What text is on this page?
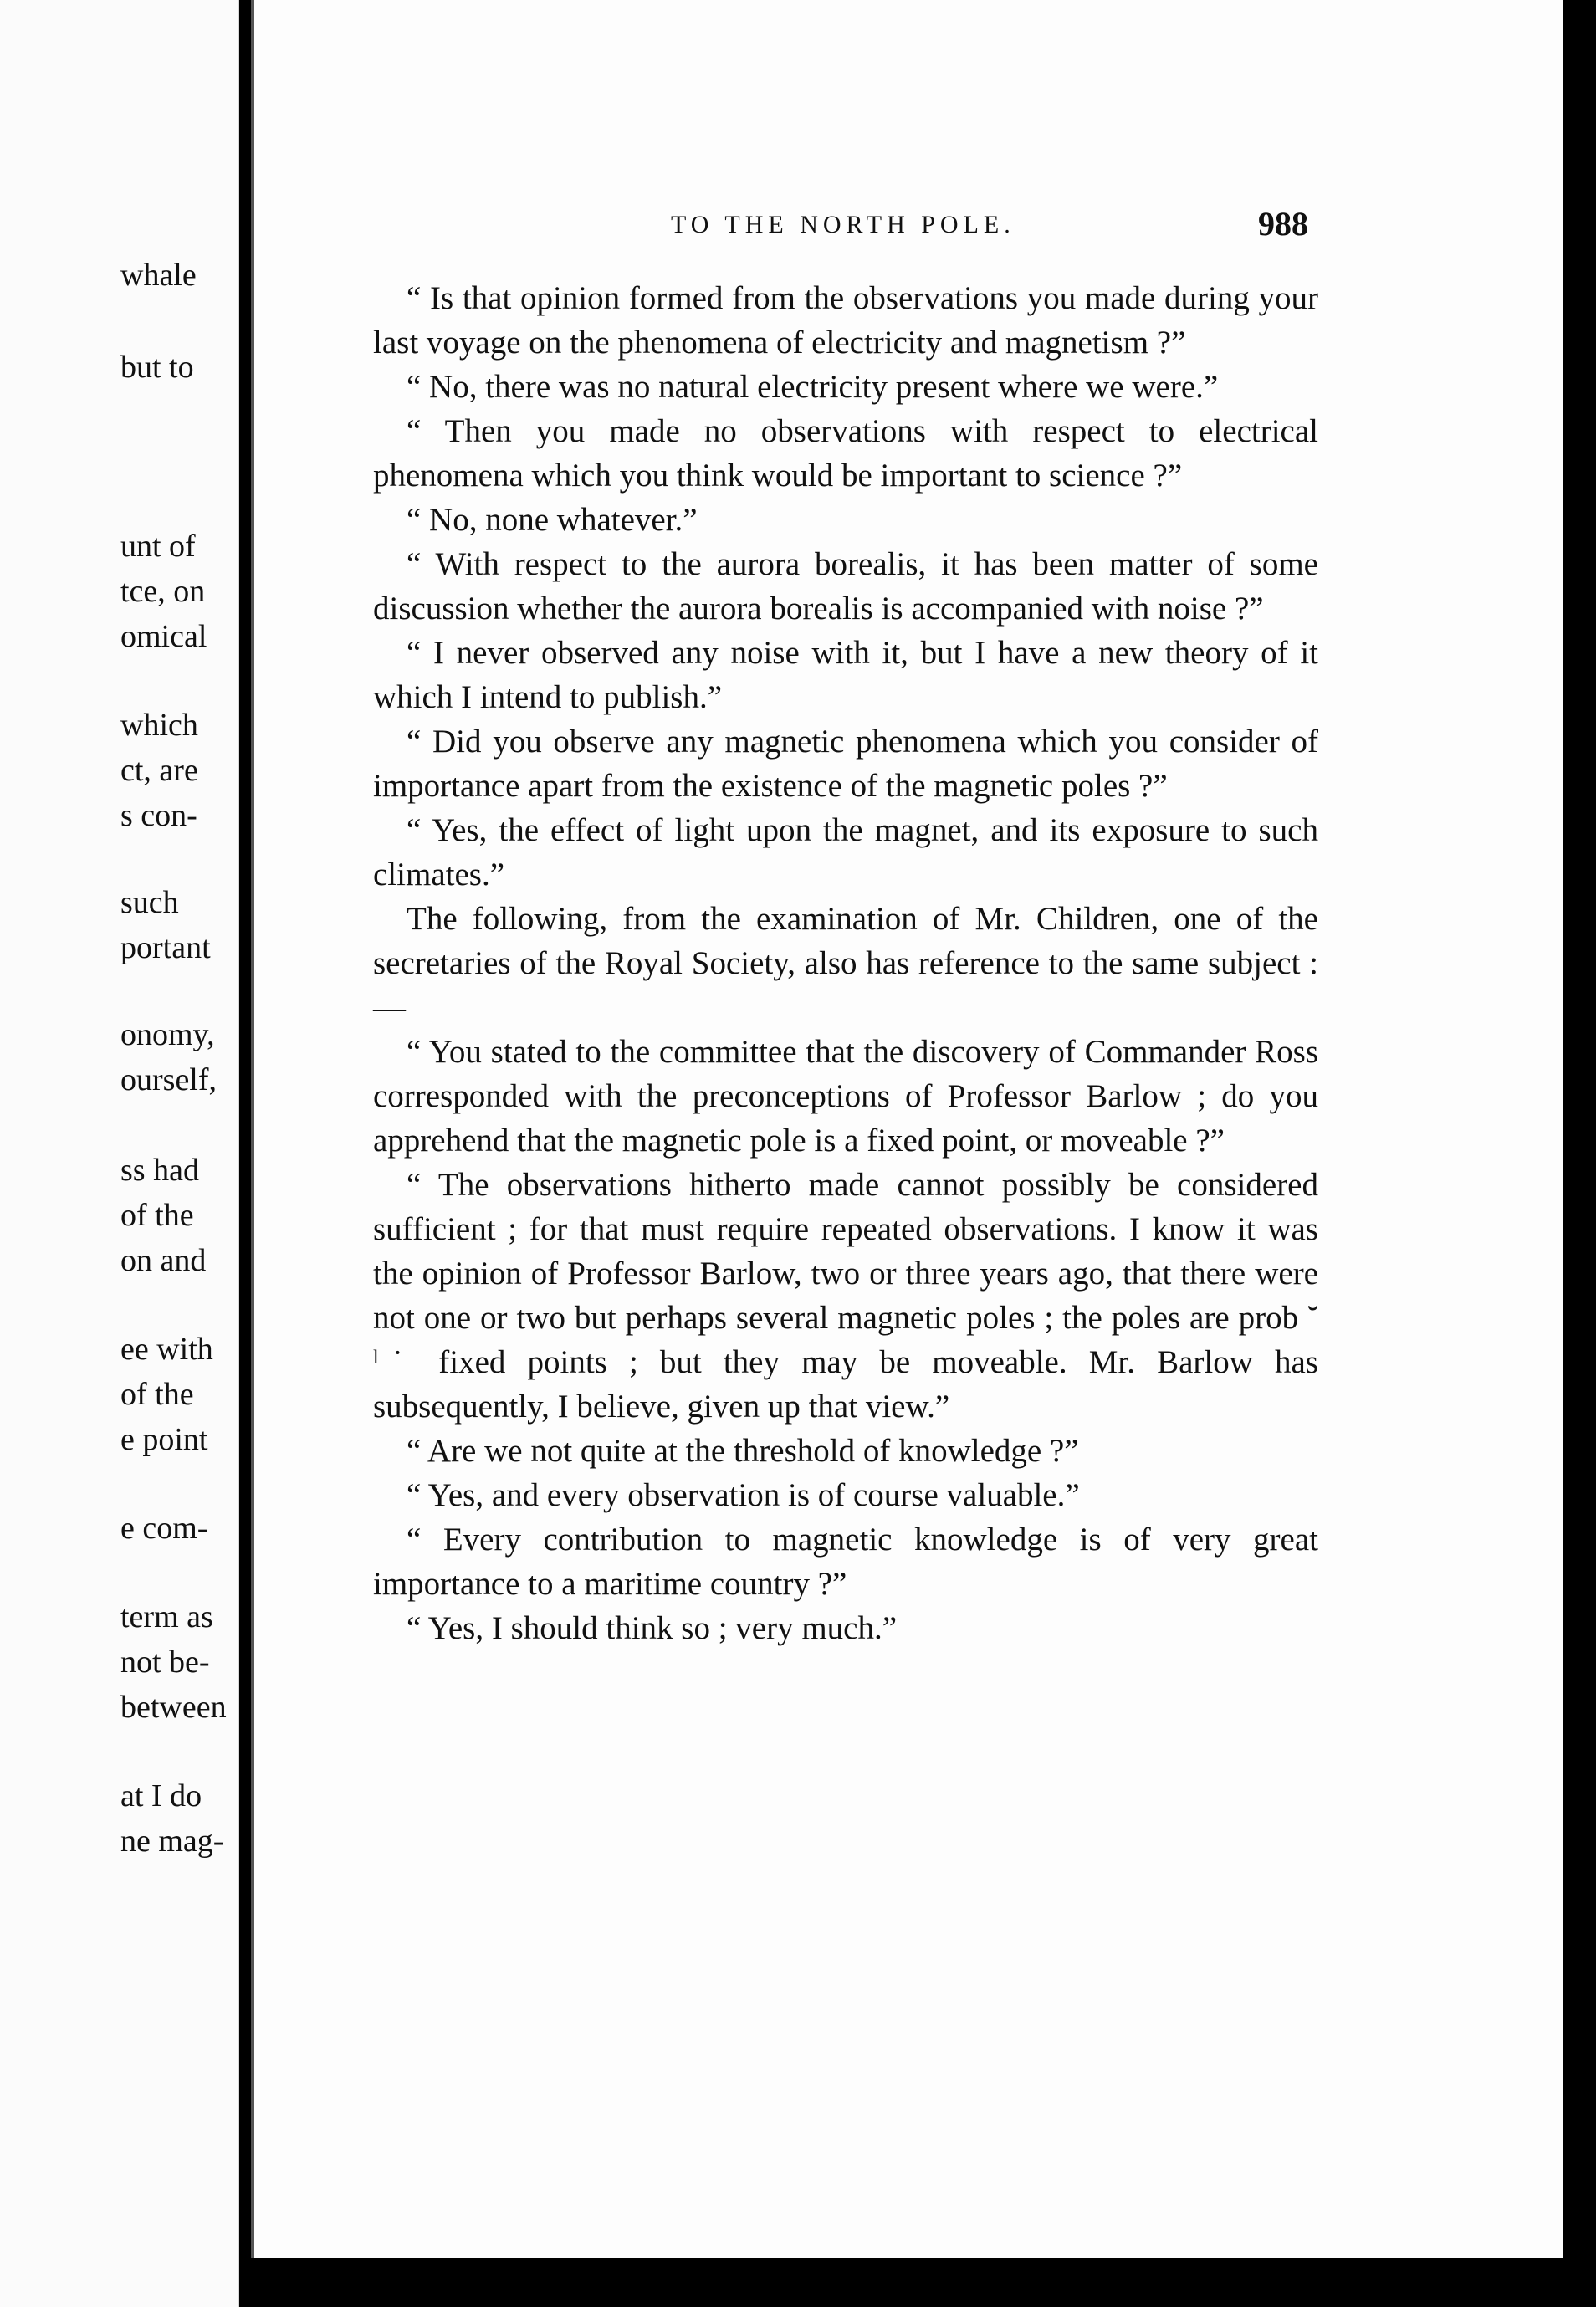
whale
but to
unt of
tce, on
omical
which
ct, are
s con-
such
portant
onomy,
ourself,
ss had
of the
on and
ee with
of the
e point
e com-
term as
not be-
between
at I do
ne mag-
TO THE NORTH POLE.	988

“ Is that opinion formed from the observations you made during your last voyage on the phenomena of electricity and magnetism ?”

“ No, there was no natural electricity present where we were.”

“ Then you made no observations with respect to electrical phenomena which you think would be important to science ?”

“ No, none whatever.”

“ With respect to the aurora borealis, it has been matter of some discussion whether the aurora borealis is accompanied with noise ?”

“ I never observed any noise with it, but I have a new theory of it which I intend to publish.”

“ Did you observe any magnetic phenomena which you consider of importance apart from the existence of the magnetic poles ?”

“ Yes, the effect of light upon the magnet, and its exposure to such climates.”

The following, from the examination of Mr. Children, one of the secretaries of the Royal Society, also has reference to the same subject :—

“ You stated to the committee that the discovery of Commander Ross corresponded with the preconceptions of Professor Barlow ; do you apprehend that the magnetic pole is a fixed point, or moveable ?”

“ The observations hitherto made cannot possibly be considered sufficient ; for that must require repeated observations. I know it was the opinion of Professor Barlow, two or three years ago, that there were not one or two but perhaps several magnetic poles ; the poles are prob ˘ ˡ˙ fixed points ; but they may be moveable. Mr. Barlow has subsequently, I believe, given up that view.”

“ Are we not quite at the threshold of knowledge ?”

“ Yes, and every observation is of course valuable.”

“ Every contribution to magnetic knowledge is of very great importance to a maritime country ?”

“ Yes, I should think so ; very much.”
